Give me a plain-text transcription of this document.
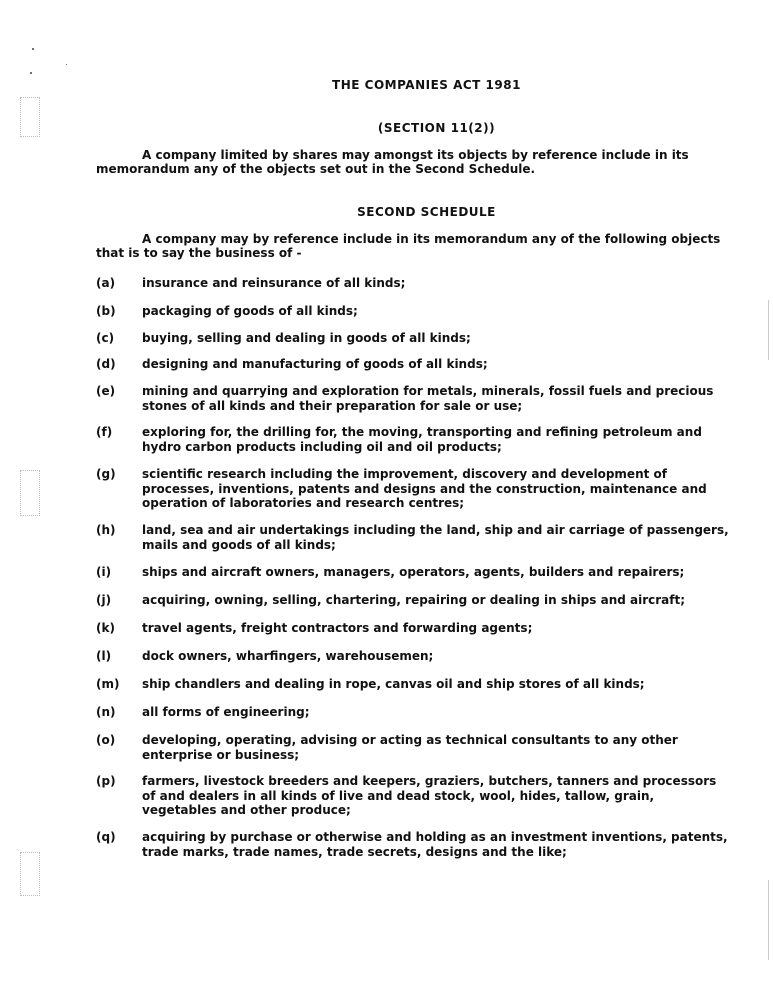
THE COMPANIES ACT 1981
(SECTION 11(2))
A company limited by shares may amongst its objects by reference include in its memorandum any of the objects set out in the Second Schedule.
SECOND SCHEDULE
A company may by reference include in its memorandum any of the following objects that is to say the business of -
(a)	insurance and reinsurance of all kinds;
(b)	packaging of goods of all kinds;
(c)	buying, selling and dealing in goods of all kinds;
(d)	designing and manufacturing of goods of all kinds;
(e)	mining and quarrying and exploration for metals, minerals, fossil fuels and precious stones of all kinds and their preparation for sale or use;
(f)	exploring for, the drilling for, the moving, transporting and refining petroleum and hydro carbon products including oil and oil products;
(g)	scientific research including the improvement, discovery and development of processes, inventions, patents and designs and the construction, maintenance and operation of laboratories and research centres;
(h)	land, sea and air undertakings including the land, ship and air carriage of passengers, mails and goods of all kinds;
(i)	ships and aircraft owners, managers, operators, agents, builders and repairers;
(j)	acquiring, owning, selling, chartering, repairing or dealing in ships and aircraft;
(k)	travel agents, freight contractors and forwarding agents;
(l)	dock owners, wharfingers, warehousemen;
(m)	ship chandlers and dealing in rope, canvas oil and ship stores of all kinds;
(n)	all forms of engineering;
(o)	developing, operating, advising or acting as technical consultants to any other enterprise or business;
(p)	farmers, livestock breeders and keepers, graziers, butchers, tanners and processors of and dealers in all kinds of live and dead stock, wool, hides, tallow, grain, vegetables and other produce;
(q)	acquiring by purchase or otherwise and holding as an investment inventions, patents, trade marks, trade names, trade secrets, designs and the like;
